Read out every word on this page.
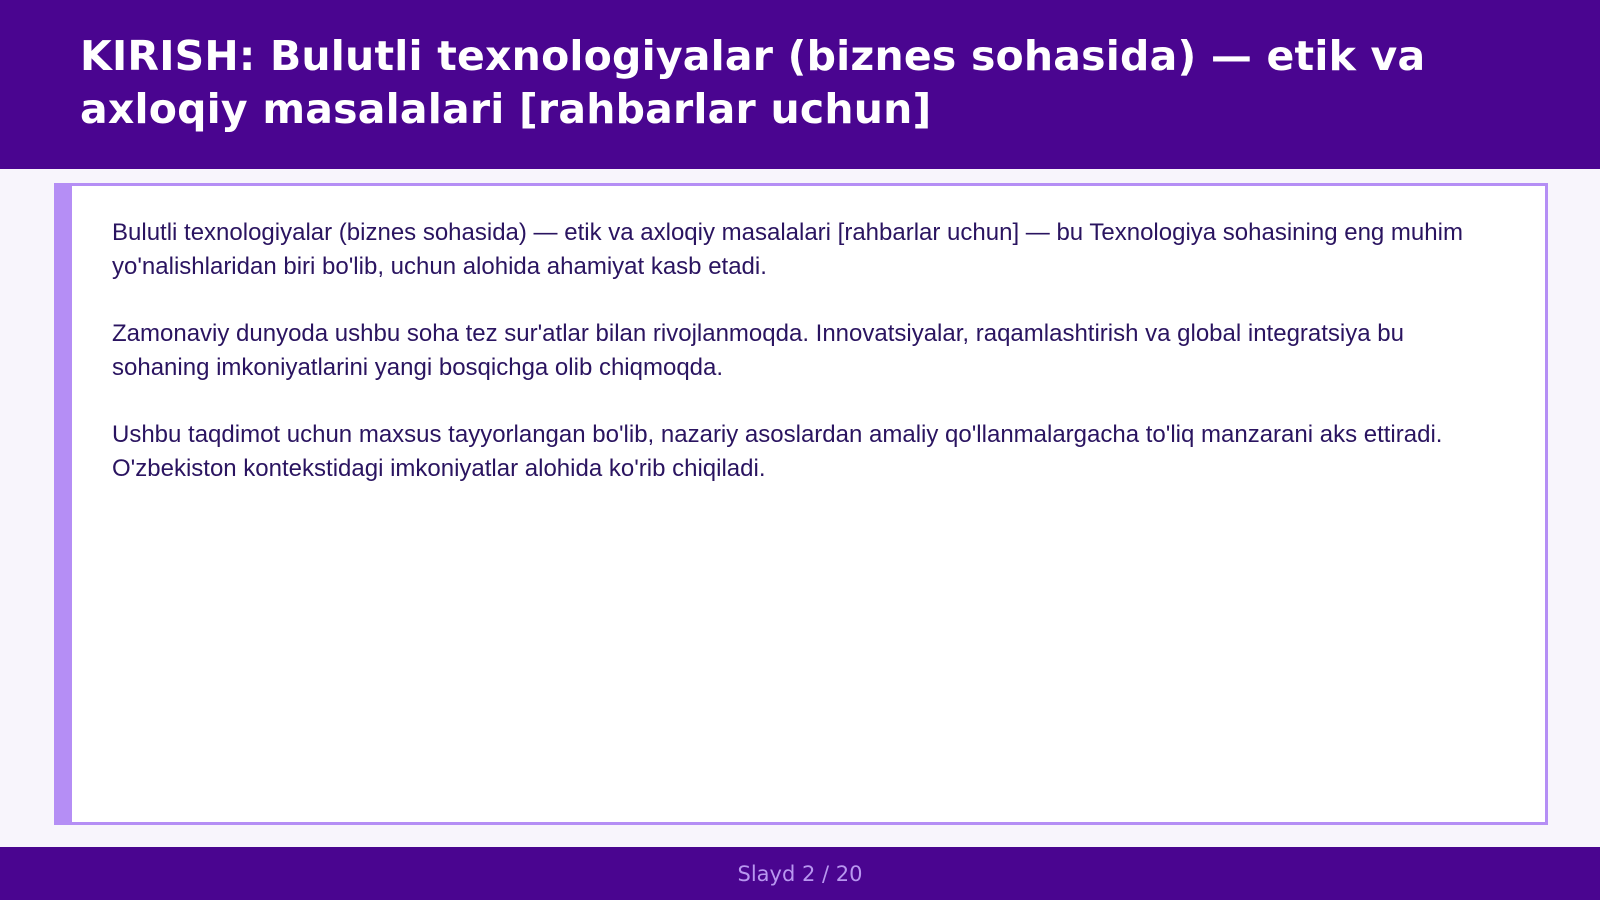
KIRISH: Bulutli texnologiyalar (biznes sohasida) — etik va axloqiy masalalari [rahbarlar uchun]

Bulutli texnologiyalar (biznes sohasida) — etik va axloqiy masalalari [rahbarlar uchun] — bu Texnologiya sohasining eng muhim yo'nalishlaridan biri bo'lib, uchun alohida ahamiyat kasb etadi.

Zamonaviy dunyoda ushbu soha tez sur'atlar bilan rivojlanmoqda. Innovatsiyalar, raqamlashtirish va global integratsiya bu sohaning imkoniyatlarini yangi bosqichga olib chiqmoqda.

Ushbu taqdimot uchun maxsus tayyorlangan bo'lib, nazariy asoslardan amaliy qo'llanmalargacha to'liq manzarani aks ettiradi. O'zbekiston kontekstidagi imkoniyatlar alohida ko'rib chiqiladi.

Slayd 2 / 20
